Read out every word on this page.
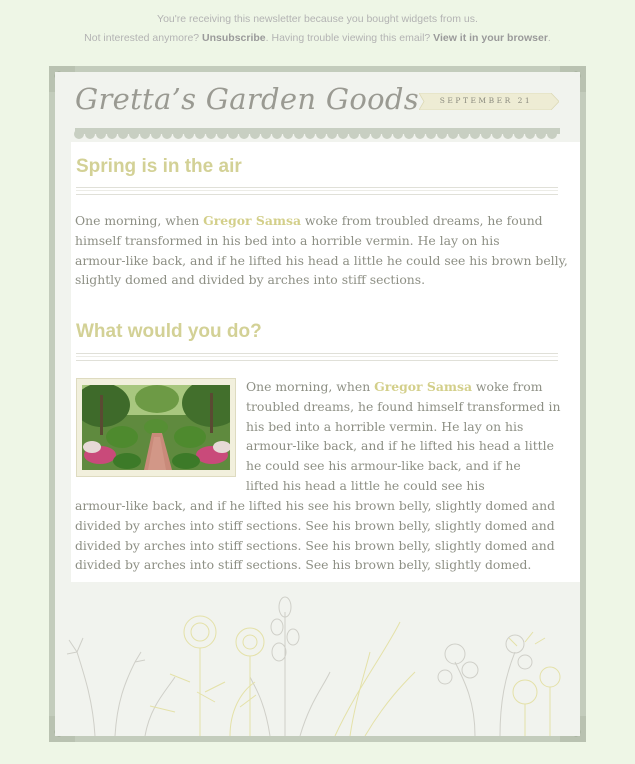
You're receiving this newsletter because you bought widgets from us.
Not interested anymore? Unsubscribe. Having trouble viewing this email? View it in your browser.
Gretta’s Garden Goods	SEPTEMBER 21
Spring is in the air
One morning, when Gregor Samsa woke from troubled dreams, he found
himself transformed in his bed into a horrible vermin. He lay on his
armour-like back, and if he lifted his head a little he could see his brown belly,
slightly domed and divided by arches into stiff sections.
What would you do?
One morning, when Gregor Samsa woke from
troubled dreams, he found himself transformed in
his bed into a horrible vermin. He lay on his
armour-like back, and if he lifted his head a little
he could see his armour-like back, and if he
lifted his head a little he could see his
armour-like back, and if he lifted his see his brown belly, slightly domed and
divided by arches into stiff sections. See his brown belly, slightly domed and
divided by arches into stiff sections. See his brown belly, slightly domed and
divided by arches into stiff sections. See his brown belly, slightly domed.
